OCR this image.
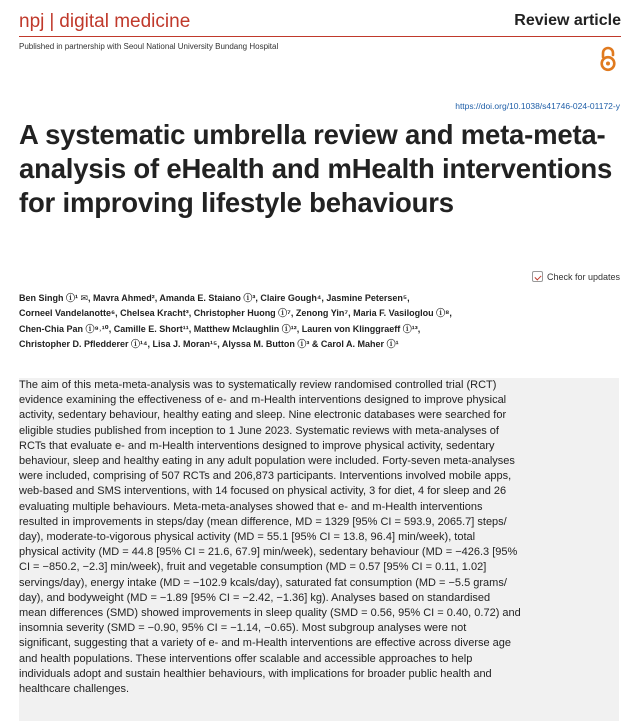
npj | digital medicine	Review article
Published in partnership with Seoul National University Bundang Hospital
https://doi.org/10.1038/s41746-024-01172-y
A systematic umbrella review and meta-meta-analysis of eHealth and mHealth interventions for improving lifestyle behaviours
Check for updates
Ben Singh ⓘ¹ ✉, Mavra Ahmed², Amanda E. Staiano ⓘ³, Claire Gough⁴, Jasmine Petersen⁵,
Corneel Vandelanotte⁶, Chelsea Kracht³, Christopher Huong ⓘ⁷, Zenong Yin⁷, Maria F. Vasiloglou ⓘ⁸,
Chen-Chia Pan ⓘ⁹˒¹⁰, Camille E. Short¹¹, Matthew Mclaughlin ⓘ¹², Lauren von Klinggraeff ⓘ¹³,
Christopher D. Pfledderer ⓘ¹⁴, Lisa J. Moran¹⁵, Alyssa M. Button ⓘ³ & Carol A. Maher ⓘ¹

The aim of this meta-meta-analysis was to systematically review randomised controlled trial (RCT)
evidence examining the effectiveness of e- and m-Health interventions designed to improve physical
activity, sedentary behaviour, healthy eating and sleep. Nine electronic databases were searched for
eligible studies published from inception to 1 June 2023. Systematic reviews with meta-analyses of
RCTs that evaluate e- and m-Health interventions designed to improve physical activity, sedentary
behaviour, sleep and healthy eating in any adult population were included. Forty-seven meta-analyses
were included, comprising of 507 RCTs and 206,873 participants. Interventions involved mobile apps,
web-based and SMS interventions, with 14 focused on physical activity, 3 for diet, 4 for sleep and 26
evaluating multiple behaviours. Meta-meta-analyses showed that e- and m-Health interventions
resulted in improvements in steps/day (mean difference, MD = 1329 [95% CI = 593.9, 2065.7] steps/
day), moderate-to-vigorous physical activity (MD = 55.1 [95% CI = 13.8, 96.4] min/week), total
physical activity (MD = 44.8 [95% CI = 21.6, 67.9] min/week), sedentary behaviour (MD = −426.3 [95%
CI = −850.2, −2.3] min/week), fruit and vegetable consumption (MD = 0.57 [95% CI = 0.11, 1.02]
servings/day), energy intake (MD = −102.9 kcals/day), saturated fat consumption (MD = −5.5 grams/
day), and bodyweight (MD = −1.89 [95% CI = −2.42, −1.36] kg). Analyses based on standardised
mean differences (SMD) showed improvements in sleep quality (SMD = 0.56, 95% CI = 0.40, 0.72) and
insomnia severity (SMD = −0.90, 95% CI = −1.14, −0.65). Most subgroup analyses were not
significant, suggesting that a variety of e- and m-Health interventions are effective across diverse age
and health populations. These interventions offer scalable and accessible approaches to help
individuals adopt and sustain healthier behaviours, with implications for broader public health and
healthcare challenges.
